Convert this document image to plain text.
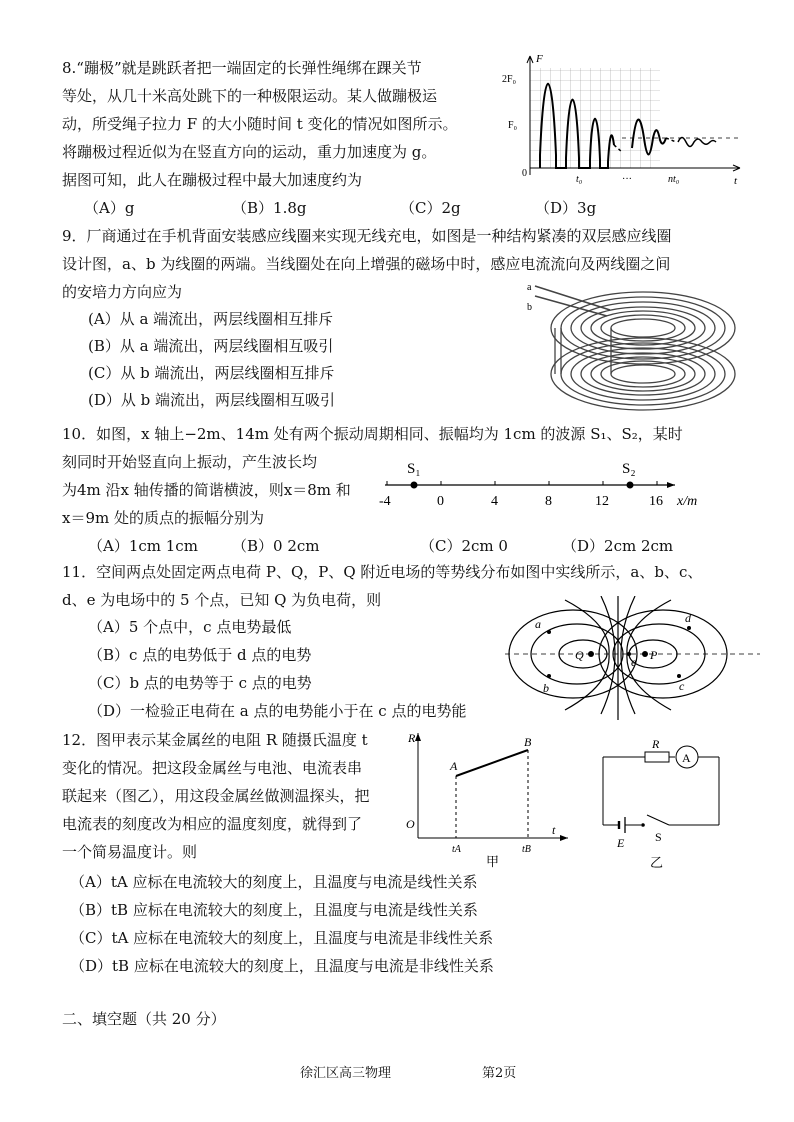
8.“蹦极”就是跳跃者把一端固定的长弹性绳绑在踝关节
等处，从几十米高处跳下的一种极限运动。某人做蹦极运
动，所受绳子拉力 F 的大小随时间 t 变化的情况如图所示。
将蹦极过程近似为在竖直方向的运动，重力加速度为 g。
据图可知，此人在蹦极过程中最大加速度约为
（A）g	（B）1.8g	（C）2g	（D）3g
F
t
2F₀
F₀
0
t₀	···	nt₀
9．厂商通过在手机背面安装感应线圈来实现无线充电，如图是一种结构紧凑的双层感应线圈
设计图，a、b 为线圈的两端。当线圈处在向上增强的磁场中时，感应电流流向及两线圈之间
的安培力方向应为
(A）从 a 端流出，两层线圈相互排斥
(B）从 a 端流出，两层线圈相互吸引
(C）从 b 端流出，两层线圈相互排斥
(D）从 b 端流出，两层线圈相互吸引
a
b
10．如图，x 轴上−2m、14m 处有两个振动周期相同、振幅均为 1cm 的波源 S₁、S₂，某时
刻同时开始竖直向上振动，产生波长均
为4m 沿x 轴传播的简谐横波，则x＝8m 和
x＝9m 处的质点的振幅分别为
（A）1cm 1cm （B）0 2cm	（C）2cm 0	（D）2cm 2cm
S₁	S₂
-4	0	4	8	12	16 x/m
11．空间两点处固定两点电荷 P、Q，P、Q 附近电场的等势线分布如图中实线所示，a、b、c、
d、e 为电场中的 5 个点，已知 Q 为负电荷，则
（A）5 个点中，c 点电势最低
（B）c 点的电势低于 d 点的电势
（C）b 点的电势等于 c 点的电势
（D）一检验正电荷在 a 点的电势能小于在 c 点的电势能
a
b	c
d
e
Q	P
12．图甲表示某金属丝的电阻 R 随摄氏温度 t
变化的情况。把这段金属丝与电池、电流表串
联起来（图乙），用这段金属丝做测温探头，把
电流表的刻度改为相应的温度刻度，就得到了
一个简易温度计。则
（A）tA 应标在电流较大的刻度上，且温度与电流是线性关系
（B）tB 应标在电流较大的刻度上，且温度与电流是线性关系
（C）tA 应标在电流较大的刻度上，且温度与电流是非线性关系
（D）tB 应标在电流较大的刻度上，且温度与电流是非线性关系
R
t
O
A
B
tA	tB
甲
R
A
E	S
乙
二、填空题（共 20 分）
徐汇区高三物理	第2页
